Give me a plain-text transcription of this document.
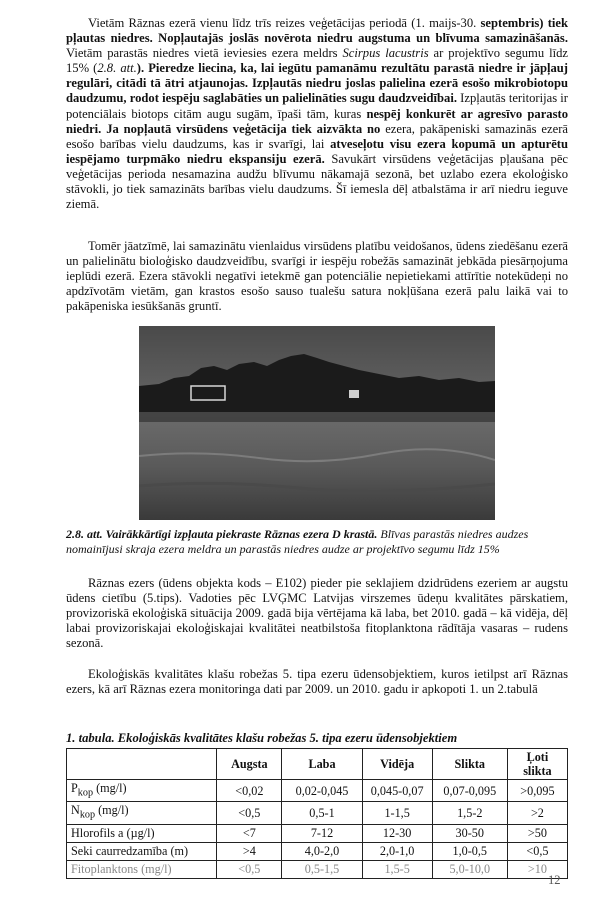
Vietām Rāznas ezerā vienu līdz trīs reizes veģetācijas periodā (1. maijs-30. septembris) tiek pļautas niedres. Nopļautajās joslās novērota niedru augstuma un blīvuma samazināšanās. Vietām parastās niedres vietā ieviesies ezera meldrs Scirpus lacustris ar projektīvo segumu līdz 15% (2.8. att.). Pieredze liecina, ka, lai iegūtu pamanāmu rezultātu parastā niedre ir jāpļauj regulāri, citādi tā ātri atjaunojas. Izpļautās niedru joslas palielina ezerā esošo mikrobiotopu daudzumu, rodot iespēju saglabāties un palielināties sugu daudzveidībai. Izpļautās teritorijas ir potenciālais biotops citām augu sugām, īpaši tām, kuras nespēj konkurēt ar agresīvo parasto niedri. Ja nopļautā virsūdens veģetācija tiek aizvākta no ezera, pakāpeniski samazinās ezerā esošo barības vielu daudzums, kas ir svarīgi, lai atveseļotu visu ezera kopumā un apturētu iespējamo turpmāko niedru ekspansiju ezerā. Savukārt virsūdens veģetācijas pļaušana pēc veģetācijas perioda nesamazina audžu blīvumu nākamajā sezonā, bet uzlabo ezera ekoloģisko stāvokli, jo tiek samazināts barības vielu daudzums. Šī iemesla dēļ atbalstāma ir arī niedru ieguve ziemā.

Tomēr jāatzīmē, lai samazinātu vienlaidus virsūdens platību veidošanos, ūdens ziedēšanu ezerā un palielinātu bioloģisko daudzveidību, svarīgi ir iespēju robežās samazināt jebkāda piesārņojuma ieplūdi ezerā. Ezera stāvokli negatīvi ietekmē gan potenciālie nepietiekami attīrītie notekūdeņi no apdzīvotām vietām, gan krastos esošo sauso tualešu satura nokļūšana ezerā palu laikā vai to pakāpeniska iesūkšanās gruntī.

2.8. att. Vairākkārtīgi izpļauta piekraste Rāznas ezera D krastā. Blīvas parastās niedres audzes nomainījusi skraja ezera meldra un parastās niedres audze ar projektīvo segumu līdz 15%

Rāznas ezers (ūdens objekta kods – E102) pieder pie seklajiem dzidrūdens ezeriem ar augstu ūdens cietību (5.tips). Vadoties pēc LVĢMC Latvijas virszemes ūdeņu kvalitātes pārskatiem, provizoriskā ekoloģiskā situācija 2009. gadā bija vērtējama kā laba, bet 2010. gadā – kā vidēja, dēļ labai provizoriskajai ekoloģiskajai kvalitātei neatbilstoša fitoplanktona rādītāja vasaras – rudens sezonā.

Ekoloģiskās kvalitātes klašu robežas 5. tipa ezeru ūdensobjektiem, kuros ietilpst arī Rāznas ezers, kā arī Rāznas ezera monitoringa dati par 2009. un 2010. gadu ir apkopoti 1. un 2.tabulā

1. tabula. Ekoloģiskās kvalitātes klašu robežas 5. tipa ezeru ūdensobjektiem

	Augsta	Laba	Vidēja	Slikta	Ļoti slikta
$P_{kop}$ (mg/l)	<0,02	0,02-0,045	0,045-0,07	0,07-0,095	>0,095
$N_{kop}$ (mg/l)	<0,5	0,5-1	1-1,5	1,5-2	>2
Hlorofils a (µg/l)	<7	7-12	12-30	30-50	>50
Seki caurredzamība (m)	>4	4,0-2,0	2,0-1,0	1,0-0,5	<0,5
Fitoplanktons (mg/l)	<0,5	0,5-1,5	1,5-5	5,0-10,0	>10
12
